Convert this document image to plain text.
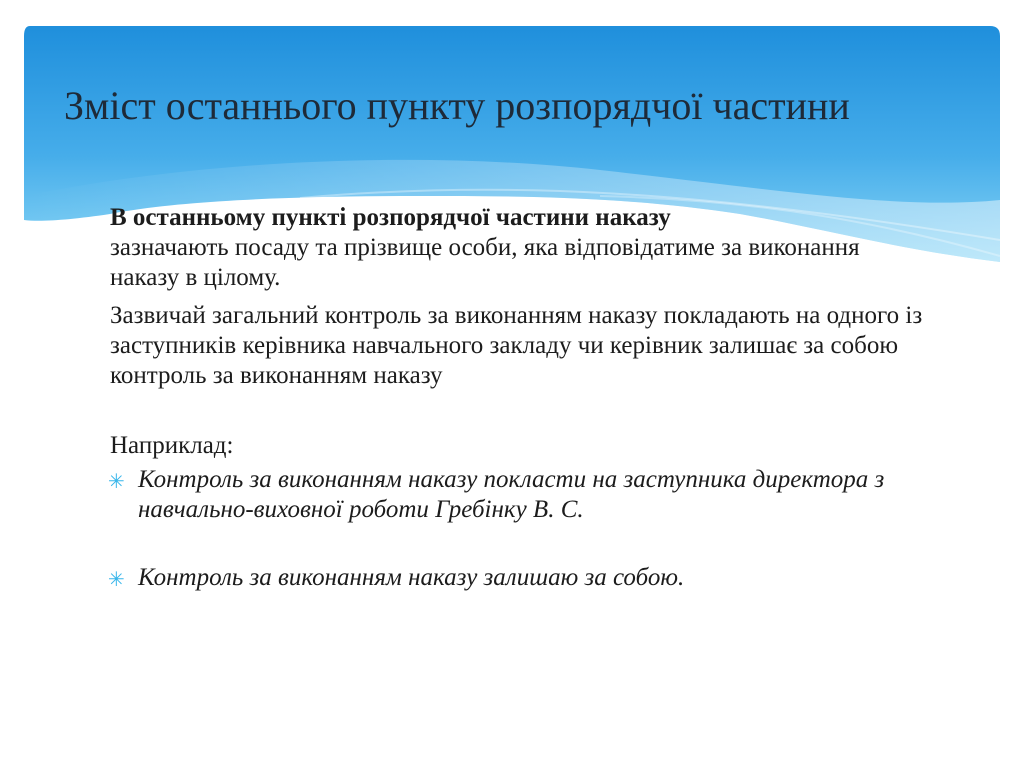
Зміст останнього пункту розпорядчої частини

В останньому пункті розпорядчої частини наказу
зазначають посаду та прізвище особи, яка відповідатиме за виконання наказу в цілому.

Зазвичай загальний контроль за виконанням наказу покладають на одного із заступників керівника навчального закладу чи керівник залишає за собою контроль за виконанням наказу

Наприклад:

✳ Контроль за виконанням наказу покласти на заступника директора з навчально-виховної роботи Гребінку В. С.

✳ Контроль за виконанням наказу залишаю за собою.
